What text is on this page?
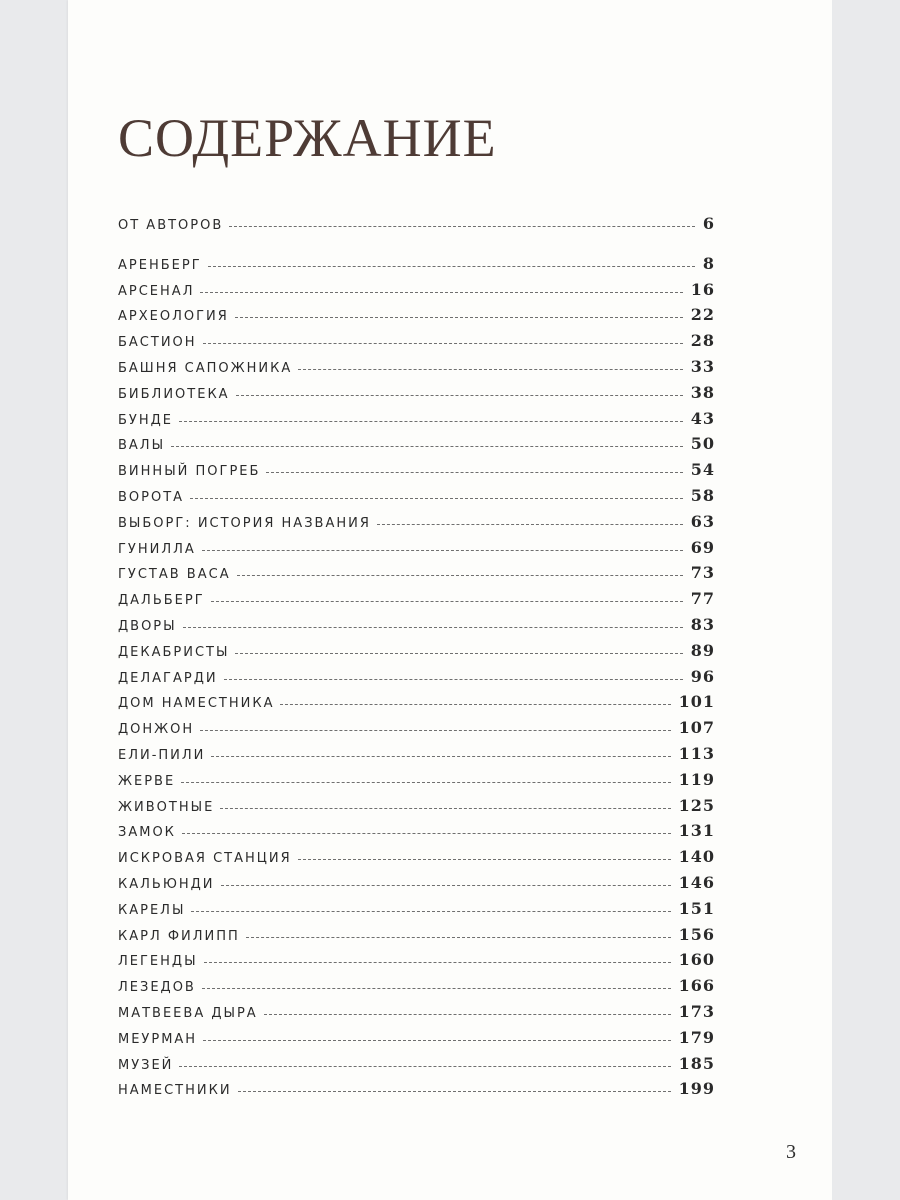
СОДЕРЖАНИЕ
ОТ АВТОРОВ	6
АРЕНБЕРГ	8
АРСЕНАЛ	16
АРХЕОЛОГИЯ	22
БАСТИОН	28
БАШНЯ САПОЖНИКА	33
БИБЛИОТЕКА	38
БУНДЕ	43
ВАЛЫ	50
ВИННЫЙ ПОГРЕБ	54
ВОРОТА	58
ВЫБОРГ: ИСТОРИЯ НАЗВАНИЯ	63
ГУНИЛЛА	69
ГУСТАВ ВАСА	73
ДАЛЬБЕРГ	77
ДВОРЫ	83
ДЕКАБРИСТЫ	89
ДЕЛАГАРДИ	96
ДОМ НАМЕСТНИКА	101
ДОНЖОН	107
ЕЛИ-ПИЛИ	113
ЖЕРВЕ	119
ЖИВОТНЫЕ	125
ЗАМОК	131
ИСКРОВАЯ СТАНЦИЯ	140
КАЛЬЮНДИ	146
КАРЕЛЫ	151
КАРЛ ФИЛИПП	156
ЛЕГЕНДЫ	160
ЛЕЗЕДОВ	166
МАТВЕЕВА ДЫРА	173
МЕУРМАН	179
МУЗЕЙ	185
НАМЕСТНИКИ	199
3
